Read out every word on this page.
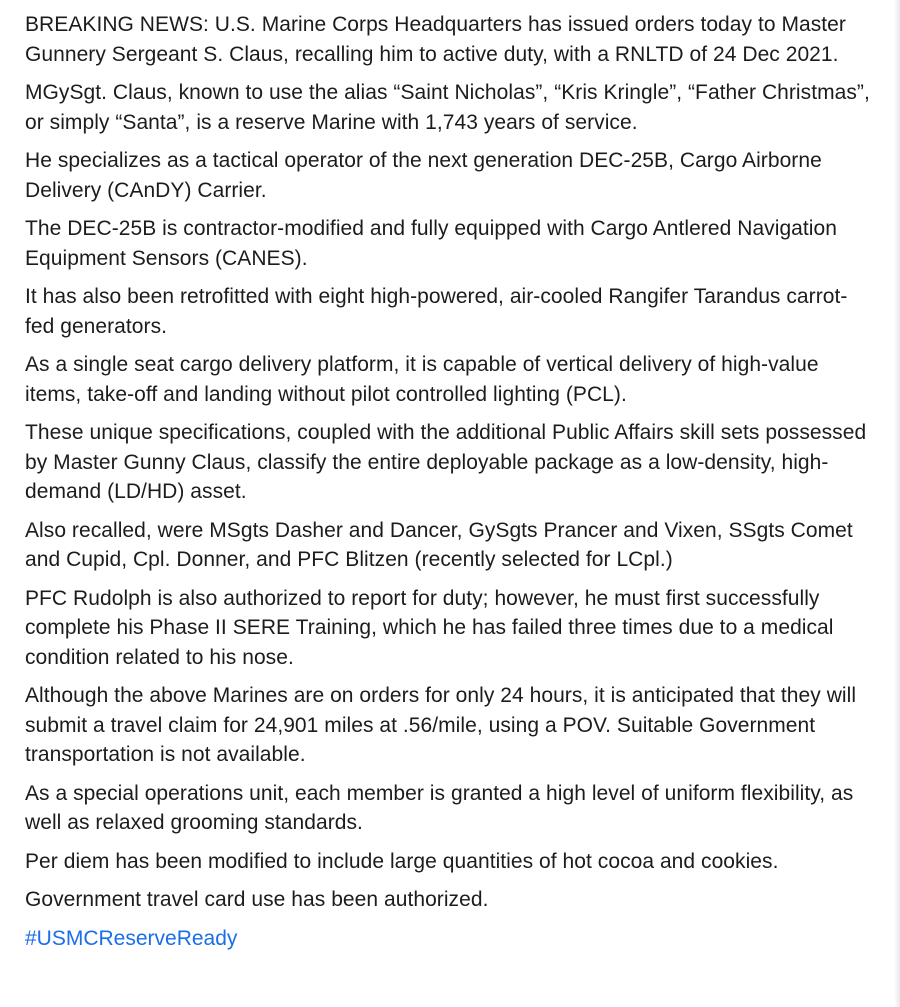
BREAKING NEWS: U.S. Marine Corps Headquarters has issued orders today to Master Gunnery Sergeant S. Claus, recalling him to active duty, with a RNLTD of 24 Dec 2021.

MGySgt. Claus, known to use the alias “Saint Nicholas”, “Kris Kringle”, “Father Christmas”, or simply “Santa”, is a reserve Marine with 1,743 years of service.

He specializes as a tactical operator of the next generation DEC-25B, Cargo Airborne Delivery (CAnDY) Carrier.

The DEC-25B is contractor-modified and fully equipped with Cargo Antlered Navigation Equipment Sensors (CANES).

It has also been retrofitted with eight high-powered, air-cooled Rangifer Tarandus carrot-fed generators.

As a single seat cargo delivery platform, it is capable of vertical delivery of high-value items, take-off and landing without pilot controlled lighting (PCL).

These unique specifications, coupled with the additional Public Affairs skill sets possessed by Master Gunny Claus, classify the entire deployable package as a low-density, high-demand (LD/HD) asset.

Also recalled, were MSgts Dasher and Dancer, GySgts Prancer and Vixen, SSgts Comet and Cupid, Cpl. Donner, and PFC Blitzen (recently selected for LCpl.)

PFC Rudolph is also authorized to report for duty; however, he must first successfully complete his Phase II SERE Training, which he has failed three times due to a medical condition related to his nose.

Although the above Marines are on orders for only 24 hours, it is anticipated that they will submit a travel claim for 24,901 miles at .56/mile, using a POV. Suitable Government transportation is not available.

As a special operations unit, each member is granted a high level of uniform flexibility, as well as relaxed grooming standards.

Per diem has been modified to include large quantities of hot cocoa and cookies.

Government travel card use has been authorized.

#USMCReserveReady
